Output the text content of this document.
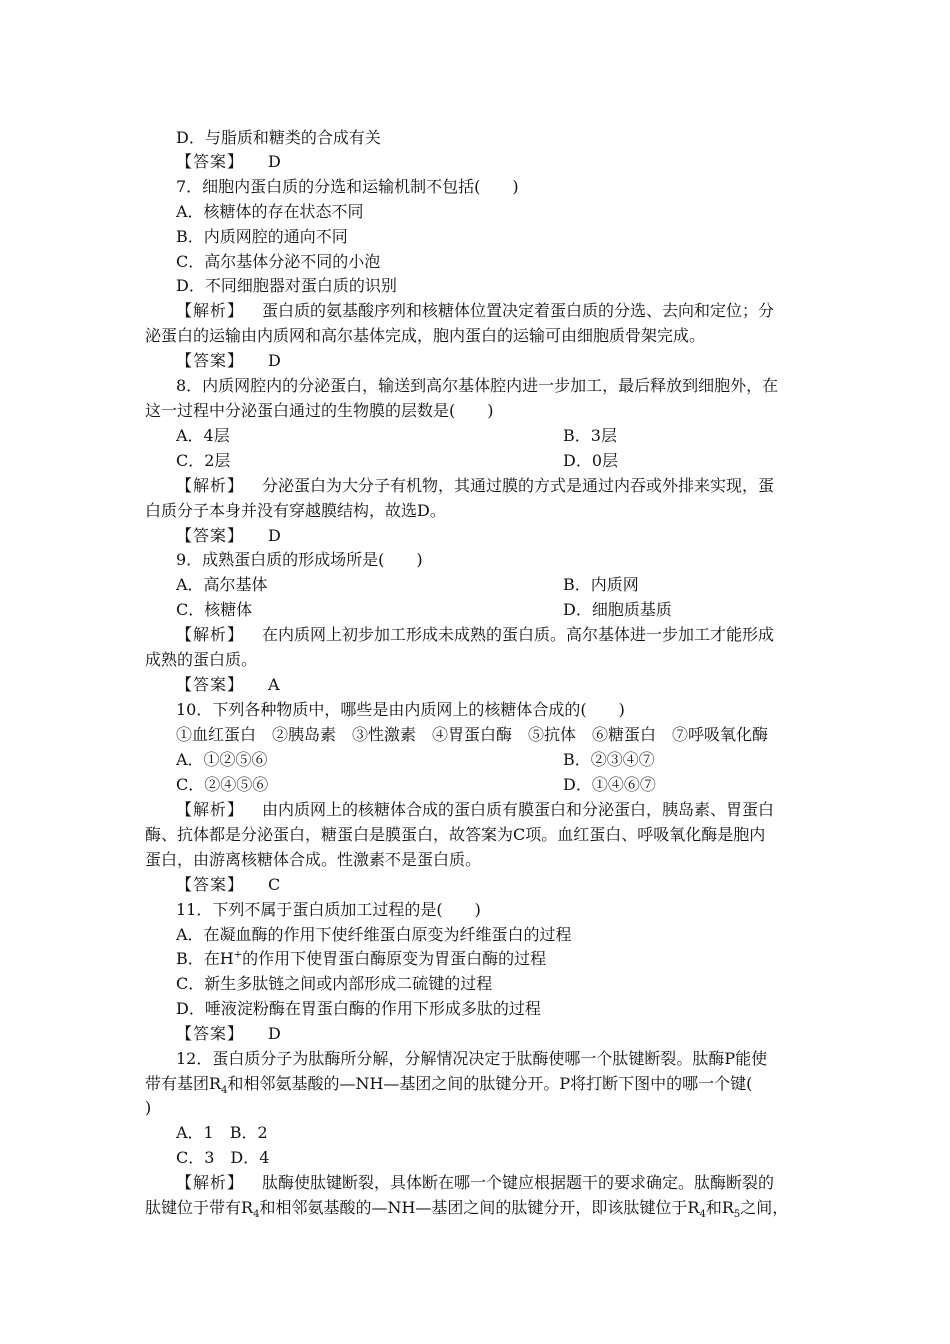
D．与脂质和糖类的合成有关
【答案】 D
7．细胞内蛋白质的分选和运输机制不包括(　　)
A．核糖体的存在状态不同
B．内质网腔的通向不同
C．高尔基体分泌不同的小泡
D．不同细胞器对蛋白质的识别
【解析】 蛋白质的氨基酸序列和核糖体位置决定着蛋白质的分选、去向和定位；分
泌蛋白的运输由内质网和高尔基体完成，胞内蛋白的运输可由细胞质骨架完成。
【答案】 D
8．内质网腔内的分泌蛋白，输送到高尔基体腔内进一步加工，最后释放到细胞外，在
这一过程中分泌蛋白通过的生物膜的层数是(　　)
A．4层	B．3层
C．2层	D．0层
【解析】 分泌蛋白为大分子有机物，其通过膜的方式是通过内吞或外排来实现，蛋
白质分子本身并没有穿越膜结构，故选D。
【答案】 D
9．成熟蛋白质的形成场所是(　　)
A．高尔基体	B．内质网
C．核糖体	D．细胞质基质
【解析】 在内质网上初步加工形成未成熟的蛋白质。高尔基体进一步加工才能形成
成熟的蛋白质。
【答案】 A
10．下列各种物质中，哪些是由内质网上的核糖体合成的(　　)
①血红蛋白　②胰岛素　③性激素　④胃蛋白酶　⑤抗体　⑥糖蛋白　⑦呼吸氧化酶
A．①②⑤⑥	B．②③④⑦
C．②④⑤⑥	D．①④⑥⑦
【解析】 由内质网上的核糖体合成的蛋白质有膜蛋白和分泌蛋白，胰岛素、胃蛋白
酶、抗体都是分泌蛋白，糖蛋白是膜蛋白，故答案为C项。血红蛋白、呼吸氧化酶是胞内
蛋白，由游离核糖体合成。性激素不是蛋白质。
【答案】 C
11．下列不属于蛋白质加工过程的是(　　)
A．在凝血酶的作用下使纤维蛋白原变为纤维蛋白的过程
B．在H+的作用下使胃蛋白酶原变为胃蛋白酶的过程
C．新生多肽链之间或内部形成二硫键的过程
D．唾液淀粉酶在胃蛋白酶的作用下形成多肽的过程
【答案】 D
12．蛋白质分子为肽酶所分解，分解情况决定于肽酶使哪一个肽键断裂。肽酶P能使
带有基团$R_4$和相邻氨基酸的—NH—基团之间的肽键分开。P将打断下图中的哪一个键(
)
A．1　B．2
C．3　D．4
【解析】 肽酶使肽键断裂，具体断在哪一个键应根据题干的要求确定。肽酶断裂的
肽键位于带有$R_4$和相邻氨基酸的—NH—基团之间的肽键分开，即该肽键位于$R_4$和$R_5$之间，
